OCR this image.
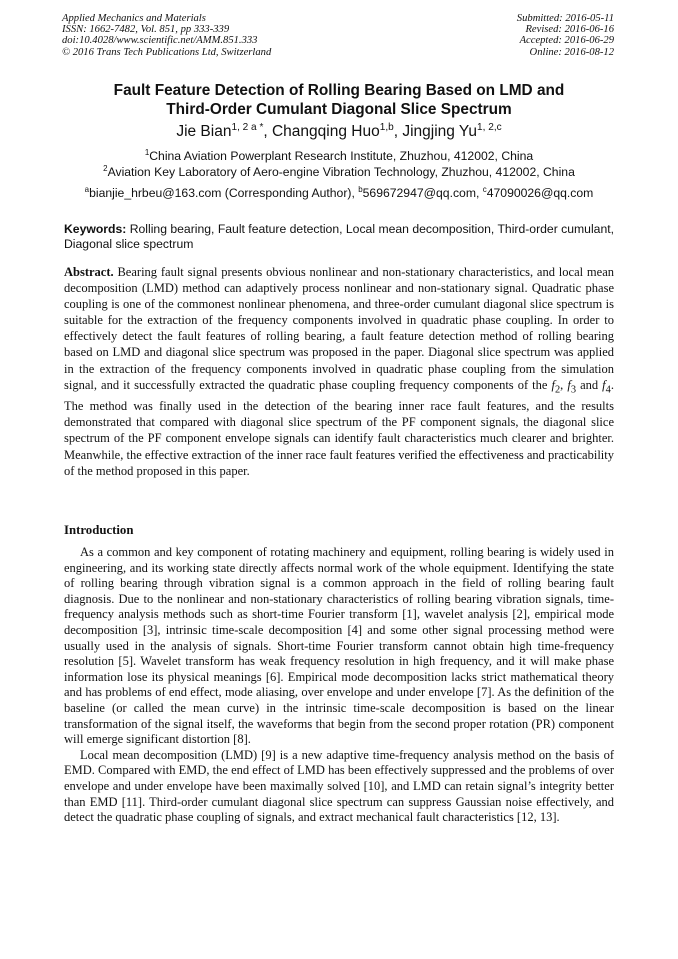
Applied Mechanics and Materials
ISSN: 1662-7482, Vol. 851, pp 333-339
doi:10.4028/www.scientific.net/AMM.851.333
© 2016 Trans Tech Publications Ltd, Switzerland
Submitted: 2016-05-11
Revised: 2016-06-16
Accepted: 2016-06-29
Online: 2016-08-12
Fault Feature Detection of Rolling Bearing Based on LMD and
Third-Order Cumulant Diagonal Slice Spectrum
Jie Bian$^{1, 2 a *}$, Changqing Huo$^{1,b}$, Jingjing Yu$^{1, 2,c}$
$^1$China Aviation Powerplant Research Institute, Zhuzhou, 412002, China
$^2$Aviation Key Laboratory of Aero-engine Vibration Technology, Zhuzhou, 412002, China
$^a$bianjie_hrbeu@163.com (Corresponding Author), $^b$569672947@qq.com, $^c$47090026@qq.com
Keywords: Rolling bearing, Fault feature detection, Local mean decomposition, Third-order cumulant, Diagonal slice spectrum
Abstract. Bearing fault signal presents obvious nonlinear and non-stationary characteristics, and local mean decomposition (LMD) method can adaptively process nonlinear and non-stationary signal. Quadratic phase coupling is one of the commonest nonlinear phenomena, and three-order cumulant diagonal slice spectrum is suitable for the extraction of the frequency components involved in quadratic phase coupling. In order to effectively detect the fault features of rolling bearing, a fault feature detection method of rolling bearing based on LMD and diagonal slice spectrum was proposed in the paper. Diagonal slice spectrum was applied in the extraction of the frequency components involved in quadratic phase coupling from the simulation signal, and it successfully extracted the quadratic phase coupling frequency components of the $f_2$, $f_3$ and $f_4$. The method was finally used in the detection of the bearing inner race fault features, and the results demonstrated that compared with diagonal slice spectrum of the PF component signals, the diagonal slice spectrum of the PF component envelope signals can identify fault characteristics much clearer and brighter. Meanwhile, the effective extraction of the inner race fault features verified the effectiveness and practicability of the method proposed in this paper.
Introduction

As a common and key component of rotating machinery and equipment, rolling bearing is widely used in engineering, and its working state directly affects normal work of the whole equipment. Identifying the state of rolling bearing through vibration signal is a common approach in the field of rolling bearing fault diagnosis. Due to the nonlinear and non-stationary characteristics of rolling bearing vibration signals, time-frequency analysis methods such as short-time Fourier transform [1], wavelet analysis [2], empirical mode decomposition [3], intrinsic time-scale decomposition [4] and some other signal processing method were usually used in the analysis of signals. Short-time Fourier transform cannot obtain high time-frequency resolution [5]. Wavelet transform has weak frequency resolution in high frequency, and it will make phase information lose its physical meanings [6]. Empirical mode decomposition lacks strict mathematical theory and has problems of end effect, mode aliasing, over envelope and under envelope [7]. As the definition of the baseline (or called the mean curve) in the intrinsic time-scale decomposition is based on the linear transformation of the signal itself, the waveforms that begin from the second proper rotation (PR) component will emerge significant distortion [8].

Local mean decomposition (LMD) [9] is a new adaptive time-frequency analysis method on the basis of EMD. Compared with EMD, the end effect of LMD has been effectively suppressed and the problems of over envelope and under envelope have been maximally solved [10], and LMD can retain signal’s integrity better than EMD [11]. Third-order cumulant diagonal slice spectrum can suppress Gaussian noise effectively, and detect the quadratic phase coupling of signals, and extract mechanical fault characteristics [12, 13].
